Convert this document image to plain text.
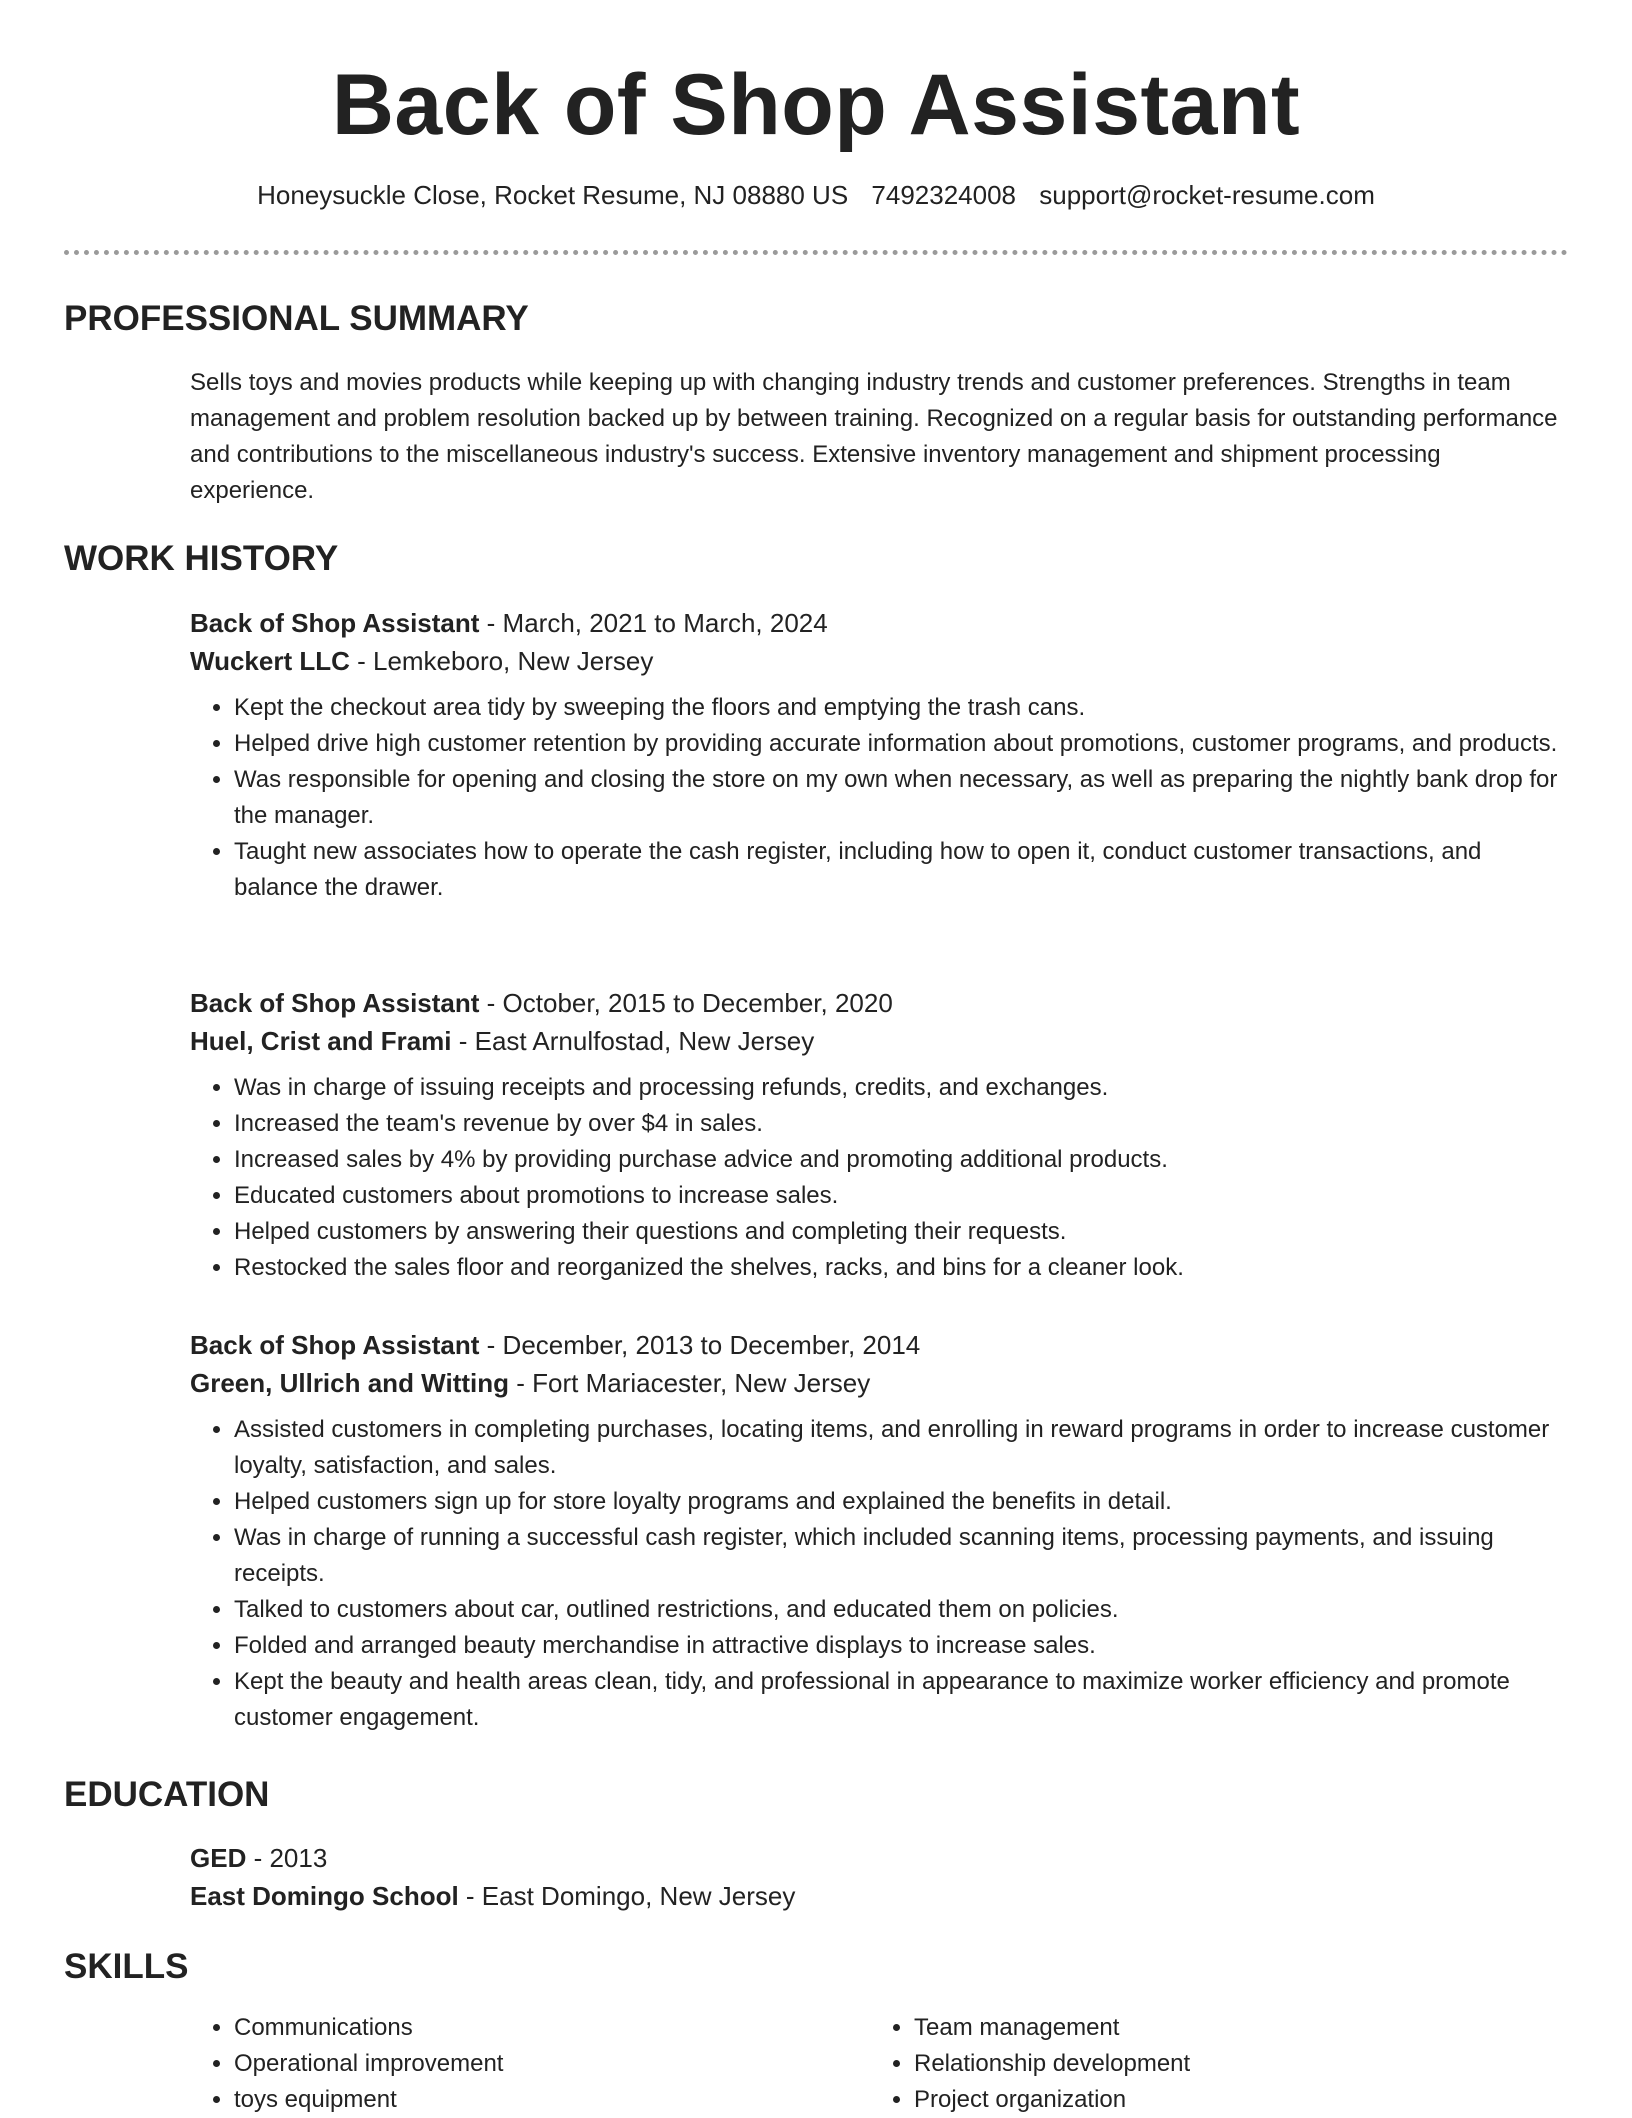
Back of Shop Assistant
Honeysuckle Close, Rocket Resume, NJ 08880 US 7492324008 support@rocket-resume.com
PROFESSIONAL SUMMARY
Sells toys and movies products while keeping up with changing industry trends and customer preferences. Strengths in team management and problem resolution backed up by between training. Recognized on a regular basis for outstanding performance and contributions to the miscellaneous industry's success. Extensive inventory management and shipment processing experience.
WORK HISTORY
Back of Shop Assistant - March, 2021 to March, 2024
Wuckert LLC - Lemkeboro, New Jersey
• Kept the checkout area tidy by sweeping the floors and emptying the trash cans.
• Helped drive high customer retention by providing accurate information about promotions, customer programs, and products.
• Was responsible for opening and closing the store on my own when necessary, as well as preparing the nightly bank drop for the manager.
• Taught new associates how to operate the cash register, including how to open it, conduct customer transactions, and balance the drawer.
Back of Shop Assistant - October, 2015 to December, 2020
Huel, Crist and Frami - East Arnulfostad, New Jersey
• Was in charge of issuing receipts and processing refunds, credits, and exchanges.
• Increased the team's revenue by over $4 in sales.
• Increased sales by 4% by providing purchase advice and promoting additional products.
• Educated customers about promotions to increase sales.
• Helped customers by answering their questions and completing their requests.
• Restocked the sales floor and reorganized the shelves, racks, and bins for a cleaner look.
Back of Shop Assistant - December, 2013 to December, 2014
Green, Ullrich and Witting - Fort Mariacester, New Jersey
• Assisted customers in completing purchases, locating items, and enrolling in reward programs in order to increase customer loyalty, satisfaction, and sales.
• Helped customers sign up for store loyalty programs and explained the benefits in detail.
• Was in charge of running a successful cash register, which included scanning items, processing payments, and issuing receipts.
• Talked to customers about car, outlined restrictions, and educated them on policies.
• Folded and arranged beauty merchandise in attractive displays to increase sales.
• Kept the beauty and health areas clean, tidy, and professional in appearance to maximize worker efficiency and promote customer engagement.
EDUCATION
GED - 2013
East Domingo School - East Domingo, New Jersey
SKILLS
• Communications
• Operational improvement
• toys equipment
• Team management
• Relationship development
• Project organization
